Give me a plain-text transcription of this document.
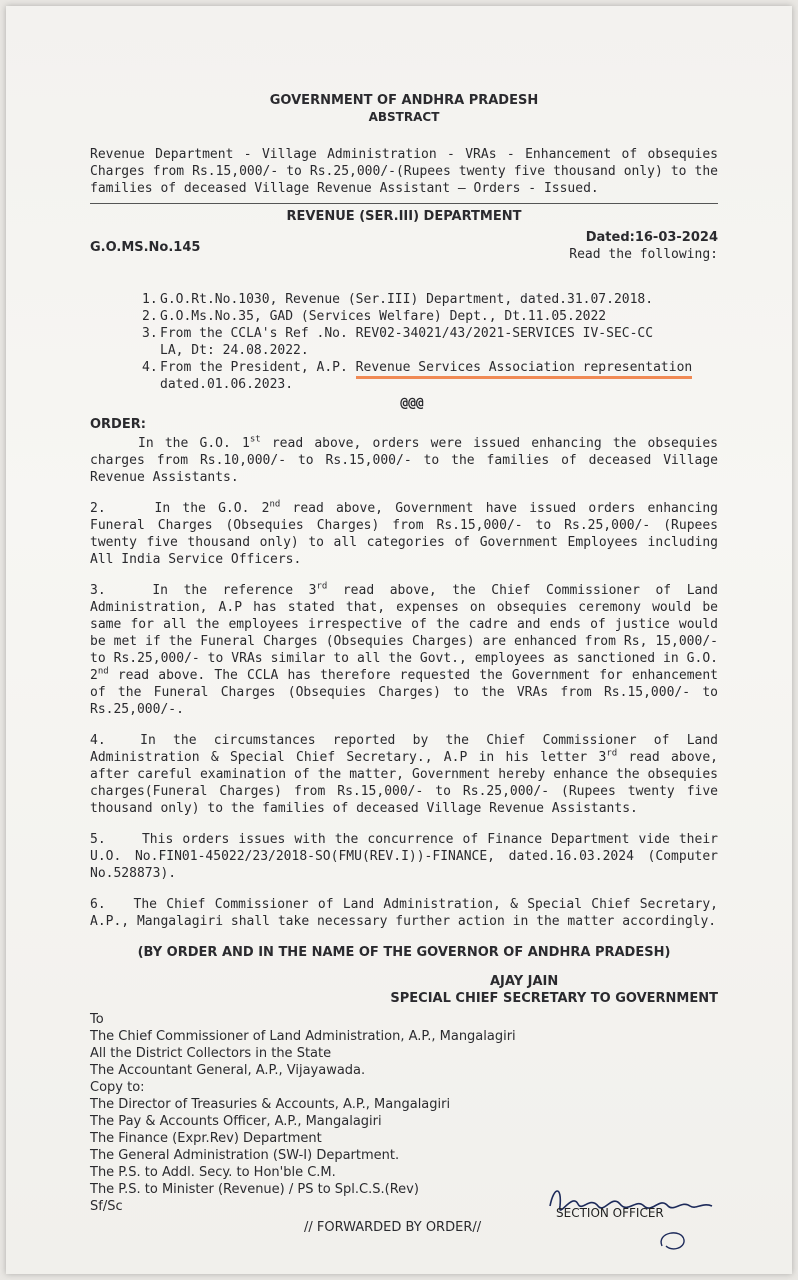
GOVERNMENT OF ANDHRA PRADESH

ABSTRACT

Revenue Department - Village Administration - VRAs - Enhancement of obsequies Charges from Rs.15,000/- to Rs.25,000/-(Rupees twenty five thousand only) to the families of deceased Village Revenue Assistant – Orders - Issued.

REVENUE (SER.III) DEPARTMENT

G.O.MS.No.145
Dated:16-03-2024
Read the following:
1. G.O.Rt.No.1030, Revenue (Ser.III) Department, dated.31.07.2018.
2. G.O.Ms.No.35, GAD (Services Welfare) Dept., Dt.11.05.2022
3. From the CCLA's Ref .No. REV02-34021/43/2021-SERVICES IV-SEC-CC
LA, Dt: 24.08.2022.
4. From the President, A.P. Revenue Services Association representation
dated.01.06.2023.

@@@

ORDER:

In the G.O. 1st read above, orders were issued enhancing the obsequies charges from Rs.10,000/- to Rs.15,000/- to the families of deceased Village Revenue Assistants.

2.	In the G.O. 2nd read above, Government have issued orders enhancing Funeral Charges (Obsequies Charges) from Rs.15,000/- to Rs.25,000/- (Rupees twenty five thousand only) to all categories of Government Employees including All India Service Officers.

3.	In the reference 3rd read above, the Chief Commissioner of Land Administration, A.P has stated that, expenses on obsequies ceremony would be same for all the employees irrespective of the cadre and ends of justice would be met if the Funeral Charges (Obsequies Charges) are enhanced from Rs, 15,000/- to Rs.25,000/- to VRAs similar to all the Govt., employees as sanctioned in G.O. 2nd read above. The CCLA has therefore requested the Government for enhancement of the Funeral Charges (Obsequies Charges) to the VRAs from Rs.15,000/- to Rs.25,000/-.

4.	In the circumstances reported by the Chief Commissioner of Land Administration & Special Chief Secretary., A.P in his letter 3rd read above, after careful examination of the matter, Government hereby enhance the obsequies charges(Funeral Charges) from Rs.15,000/- to Rs.25,000/- (Rupees twenty five thousand only) to the families of deceased Village Revenue Assistants.

5.	This orders issues with the concurrence of Finance Department vide their U.O. No.FIN01-45022/23/2018-SO(FMU(REV.I))-FINANCE, dated.16.03.2024 (Computer No.528873).

6. The Chief Commissioner of Land Administration, & Special Chief Secretary, A.P., Mangalagiri shall take necessary further action in the matter accordingly.

(BY ORDER AND IN THE NAME OF THE GOVERNOR OF ANDHRA PRADESH)

AJAY JAIN

SPECIAL CHIEF SECRETARY TO GOVERNMENT

To

The Chief Commissioner of Land Administration, A.P., Mangalagiri

All the District Collectors in the State

The Accountant General, A.P., Vijayawada.

Copy to:

The Director of Treasuries & Accounts, A.P., Mangalagiri

The Pay & Accounts Officer, A.P., Mangalagiri

The Finance (Expr.Rev) Department

The General Administration (SW-I) Department.

The P.S. to Addl. Secy. to Hon'ble C.M.

The P.S. to Minister (Revenue) / PS to Spl.C.S.(Rev)

Sf/Sc

// FORWARDED BY ORDER//

SECTION OFFICER
